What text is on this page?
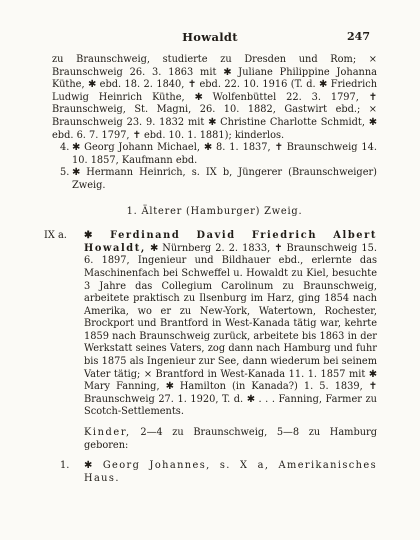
Howaldt	247

zu Braunschweig, studierte zu Dresden und Rom; ⨯ Braunschweig 26. 3. 1863 mit ✱ Juliane Philippine Johanna Küthe, ✱ ebd. 18. 2. 1840, ✝ ebd. 22. 10. 1916 (T. d. ✱ Friedrich Ludwig Heinrich Küthe, ✱ Wolfenbüttel 22. 3. 1797, ✝ Braunschweig, St. Magni, 26. 10. 1882, Gastwirt ebd.; ⨯ Braunschweig 23. 9. 1832 mit ✱ Christine Charlotte Schmidt, ✱ ebd. 6. 7. 1797, ✝ ebd. 10. 1. 1881); kinderlos.

4. ✱ Georg Johann Michael, ✱ 8. 1. 1837, ✝ Braunschweig 14. 10. 1857, Kaufmann ebd.
5. ✱ Hermann Heinrich, s. IX b, Jüngerer (Braunschweiger) Zweig.

1. Älterer (Hamburger) Zweig.

IX a. ✱ Ferdinand David Friedrich Albert Howaldt, ✱ Nürnberg 2. 2. 1833, ✝ Braunschweig 15. 6. 1897, Ingenieur und Bildhauer ebd., erlernte das Maschinenfach bei Schweffel u. Howaldt zu Kiel, besuchte 3 Jahre das Collegium Carolinum zu Braunschweig, arbeitete praktisch zu Ilsenburg im Harz, ging 1854 nach Amerika, wo er zu New-York, Watertown, Rochester, Brockport und Brantford in West-Kanada tätig war, kehrte 1859 nach Braunschweig zurück, arbeitete bis 1863 in der Werkstatt seines Vaters, zog dann nach Hamburg und fuhr bis 1875 als Ingenieur zur See, dann wiederum bei seinem Vater tätig; ⨯ Brantford in West-Kanada 11. 1. 1857 mit ✱ Mary Fanning, ✱ Hamilton (in Kanada?) 1. 5. 1839, ✝ Braunschweig 27. 1. 1920, T. d. ✱ . . . Fanning, Farmer zu Scotch-Settlements.

Kinder, 2—4 zu Braunschweig, 5—8 zu Hamburg geboren:

1. ✱ Georg Johannes, s. X a, Amerikanisches Haus.
